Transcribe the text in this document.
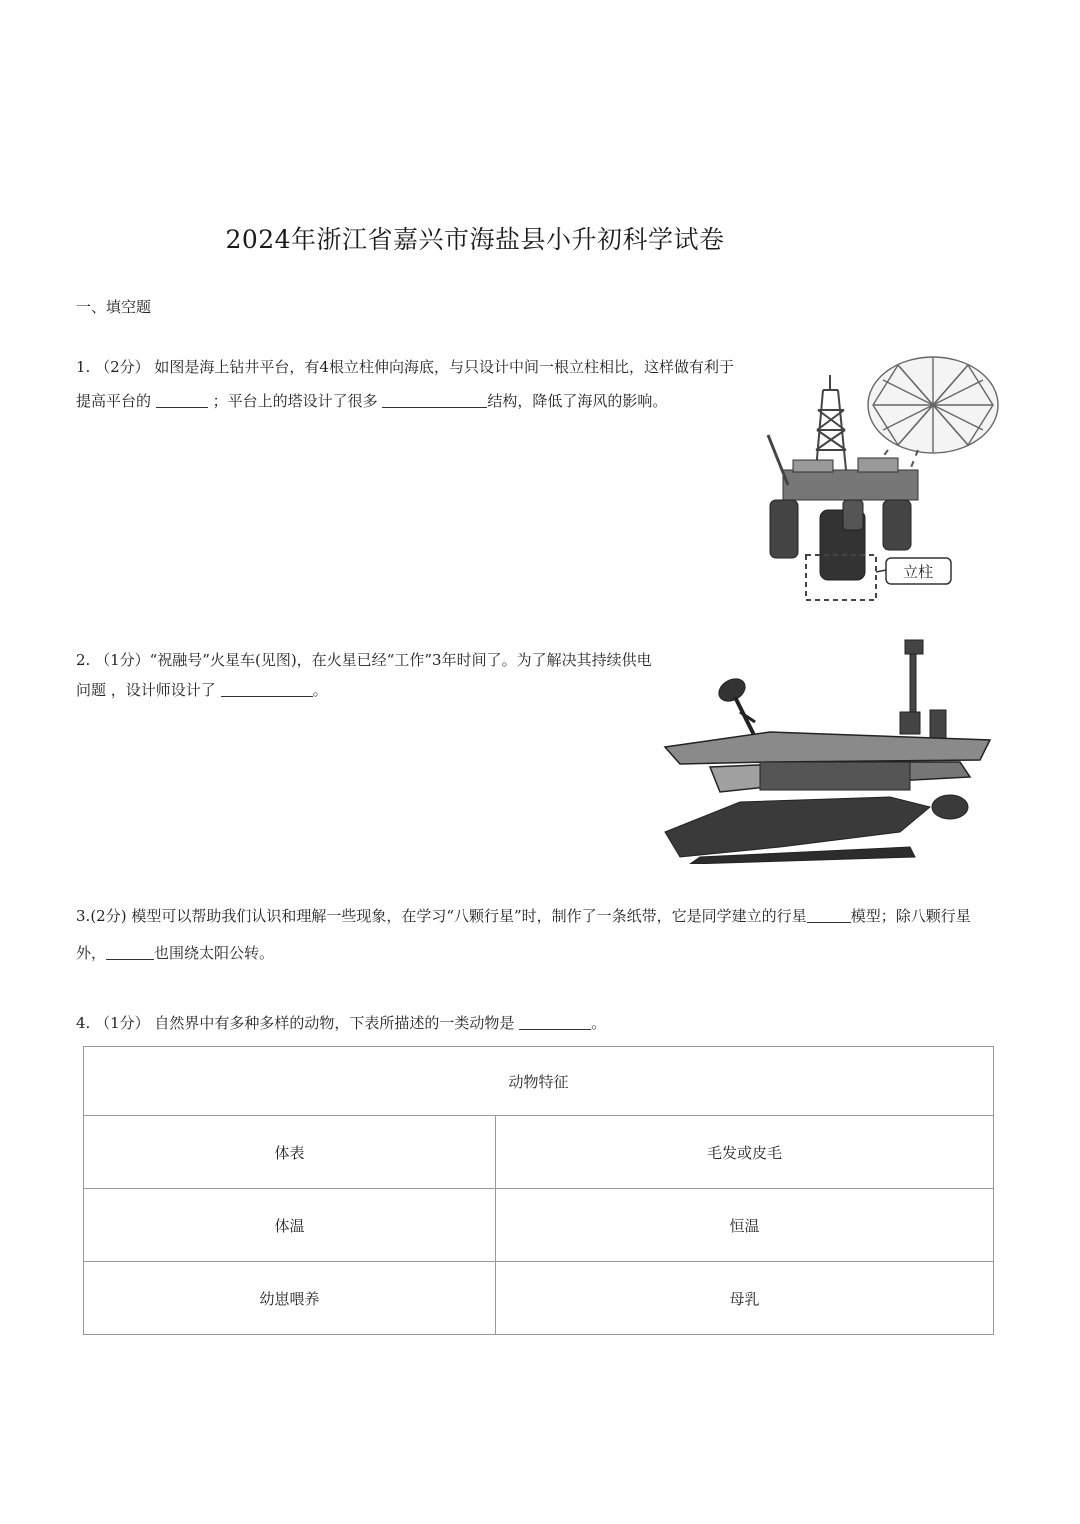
2024年浙江省嘉兴市海盐县小升初科学试卷
一、填空题
1. （2分） 如图是海上钻井平台，有4根立柱伸向海底，与只设计中间一根立柱相比，这样做有利于提高平台的	；平台上的塔设计了很多	结构，降低了海风的影响。
立柱
2. （1分）“祝融号”火星车(见图)，在火星已经“工作”3年时间了。为了解决其持续供电问题 ，设计师设计了	。
3.(2分) 模型可以帮助我们认识和理解一些现象，在学习“八颗行星”时，制作了一条纸带，它是同学建立的行星	模型；除八颗行星外，	也围绕太阳公转。
4. （1分） 自然界中有多种多样的动物，下表所描述的一类动物是	。
动物特征	
体表	毛发或皮毛
体温	恒温
幼崽喂养	母乳
